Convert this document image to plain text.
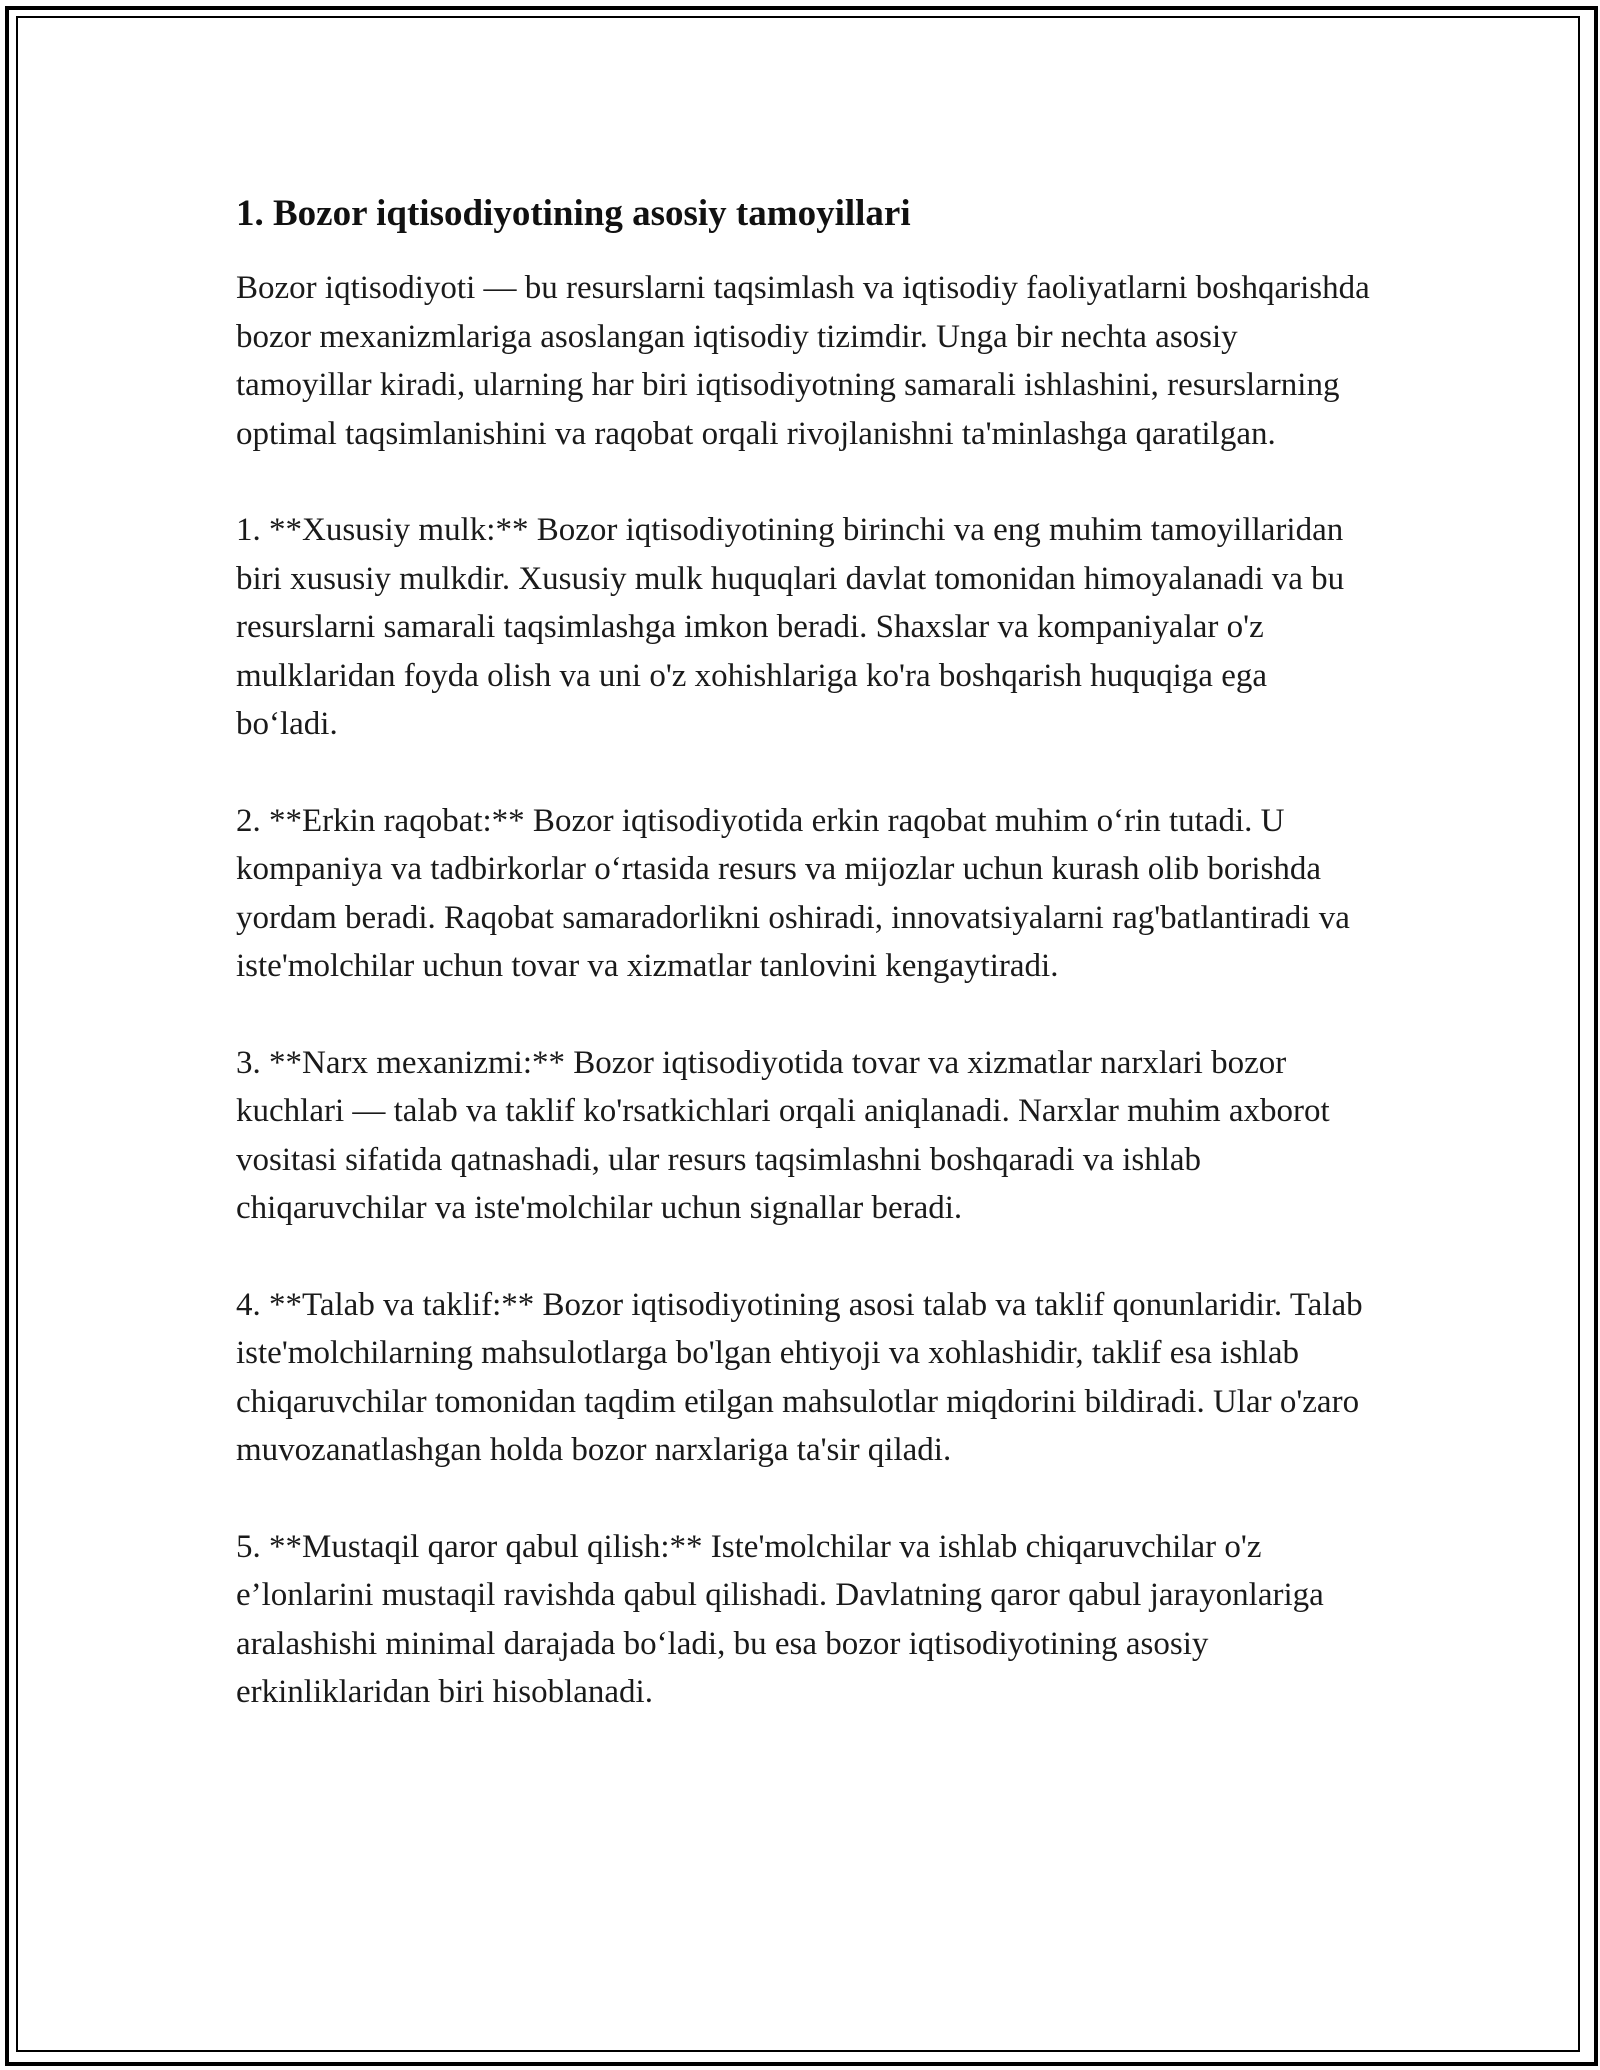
1. Bozor iqtisodiyotining asosiy tamoyillari

Bozor iqtisodiyoti — bu resurslarni taqsimlash va iqtisodiy faoliyatlarni boshqarishda bozor mexanizmlariga asoslangan iqtisodiy tizimdir. Unga bir nechta asosiy tamoyillar kiradi, ularning har biri iqtisodiyotning samarali ishlashini, resurslarning optimal taqsimlanishini va raqobat orqali rivojlanishni ta'minlashga qaratilgan.

1. **Xususiy mulk:** Bozor iqtisodiyotining birinchi va eng muhim tamoyillaridan biri xususiy mulkdir. Xususiy mulk huquqlari davlat tomonidan himoyalanadi va bu resurslarni samarali taqsimlashga imkon beradi. Shaxslar va kompaniyalar o'z mulklaridan foyda olish va uni o'z xohishlariga ko'ra boshqarish huquqiga ega bo‘ladi.

2. **Erkin raqobat:** Bozor iqtisodiyotida erkin raqobat muhim o‘rin tutadi. U kompaniya va tadbirkorlar o‘rtasida resurs va mijozlar uchun kurash olib borishda yordam beradi. Raqobat samaradorlikni oshiradi, innovatsiyalarni rag'batlantiradi va iste'molchilar uchun tovar va xizmatlar tanlovini kengaytiradi.

3. **Narx mexanizmi:** Bozor iqtisodiyotida tovar va xizmatlar narxlari bozor kuchlari — talab va taklif ko'rsatkichlari orqali aniqlanadi. Narxlar muhim axborot vositasi sifatida qatnashadi, ular resurs taqsimlashni boshqaradi va ishlab chiqaruvchilar va iste'molchilar uchun signallar beradi.

4. **Talab va taklif:** Bozor iqtisodiyotining asosi talab va taklif qonunlaridir. Talab iste'molchilarning mahsulotlarga bo'lgan ehtiyoji va xohlashidir, taklif esa ishlab chiqaruvchilar tomonidan taqdim etilgan mahsulotlar miqdorini bildiradi. Ular o'zaro muvozanatlashgan holda bozor narxlariga ta'sir qiladi.

5. **Mustaqil qaror qabul qilish:** Iste'molchilar va ishlab chiqaruvchilar o'z e’lonlarini mustaqil ravishda qabul qilishadi. Davlatning qaror qabul jarayonlariga aralashishi minimal darajada bo‘ladi, bu esa bozor iqtisodiyotining asosiy erkinliklaridan biri hisoblanadi.
